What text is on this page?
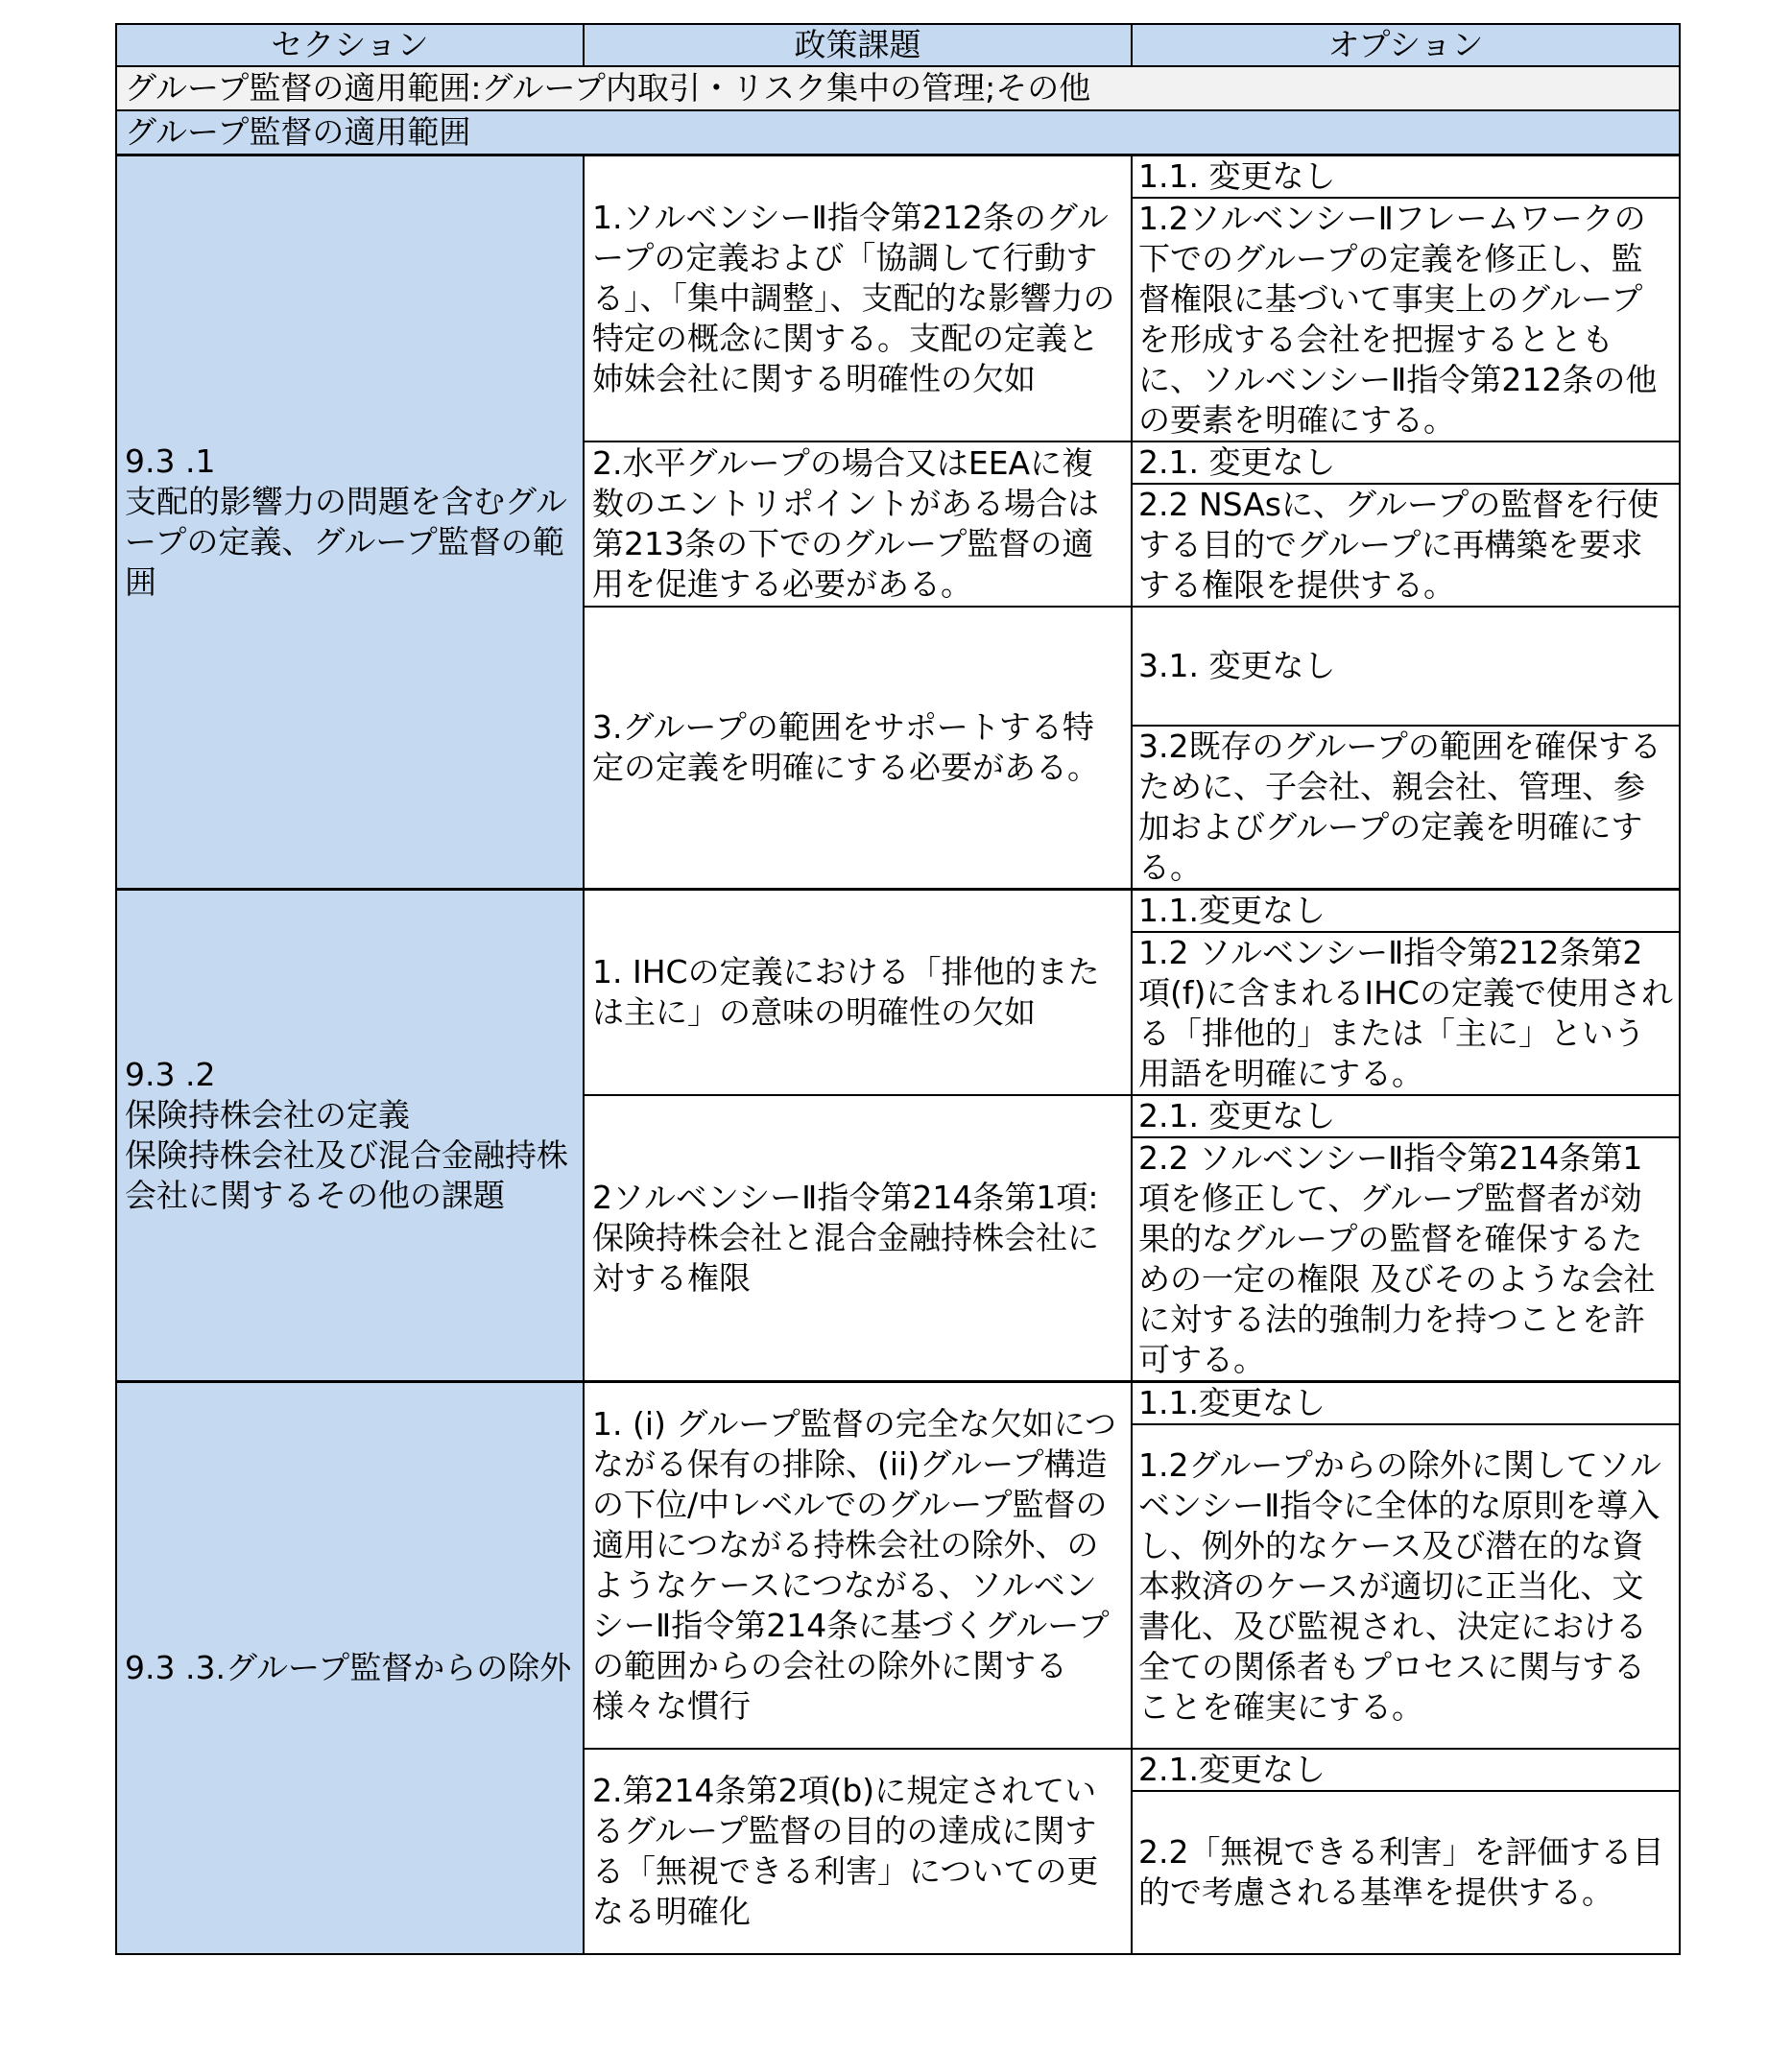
セクション	政策課題	オプション
グループ監督の適用範囲:グループ内取引・リスク集中の管理;その他		
グループ監督の適用範囲		
9.3 .1
支配的影響力の問題を含むグループの定義、グループ監督の範囲	1.ソルベンシーⅡ指令第212条のグループの定義および「協調して行動する」、「集中調整」、支配的な影響力の特定の概念に関する。支配の定義と姉妹会社に関する明確性の欠如	1.1. 変更なし
		1.2ソルベンシーⅡフレームワークの下でのグループの定義を修正し、監督権限に基づいて事実上のグループを形成する会社を把握するとともに、ソルベンシーⅡ指令第212条の他の要素を明確にする。
	2.水平グループの場合又はEEAに複数のエントリポイントがある場合は第213条の下でのグループ監督の適用を促進する必要がある。	2.1. 変更なし
		2.2 NSAsに、グループの監督を行使する目的でグループに再構築を要求する権限を提供する。
	3.グループの範囲をサポートする特定の定義を明確にする必要がある。	3.1. 変更なし
		3.2既存のグループの範囲を確保するために、子会社、親会社、管理、参加およびグループの定義を明確にする。
9.3 .2
保険持株会社の定義
保険持株会社及び混合金融持株会社に関するその他の課題	1. IHCの定義における「排他的または主に」の意味の明確性の欠如	1.1.変更なし
		1.2 ソルベンシーⅡ指令第212条第2項(f)に含まれるIHCの定義で使用される「排他的」または「主に」という用語を明確にする。
	2ソルベンシーⅡ指令第214条第1項: 保険持株会社と混合金融持株会社に対する権限	2.1. 変更なし
		2.2 ソルベンシーⅡ指令第214条第1項を修正して、グループ監督者が効果的なグループの監督を確保するための一定の権限 及びそのような会社に対する法的強制力を持つことを許可する。
9.3 .3.グループ監督からの除外	1. (i) グループ監督の完全な欠如につながる保有の排除、(ii)グループ構造の下位/中レベルでのグループ監督の適用につながる持株会社の除外、のようなケースにつながる、ソルベンシーⅡ指令第214条に基づくグループの範囲からの会社の除外に関する様々な慣行	1.1.変更なし
		1.2グループからの除外に関してソルベンシーⅡ指令に全体的な原則を導入し、例外的なケース及び潜在的な資本救済のケースが適切に正当化、文書化、及び監視され、決定における全ての関係者もプロセスに関与することを確実にする。
	2.第214条第2項(b)に規定されているグループ監督の目的の達成に関する「無視できる利害」についての更なる明確化	2.1.変更なし
		2.2「無視できる利害」を評価する目的で考慮される基準を提供する。
